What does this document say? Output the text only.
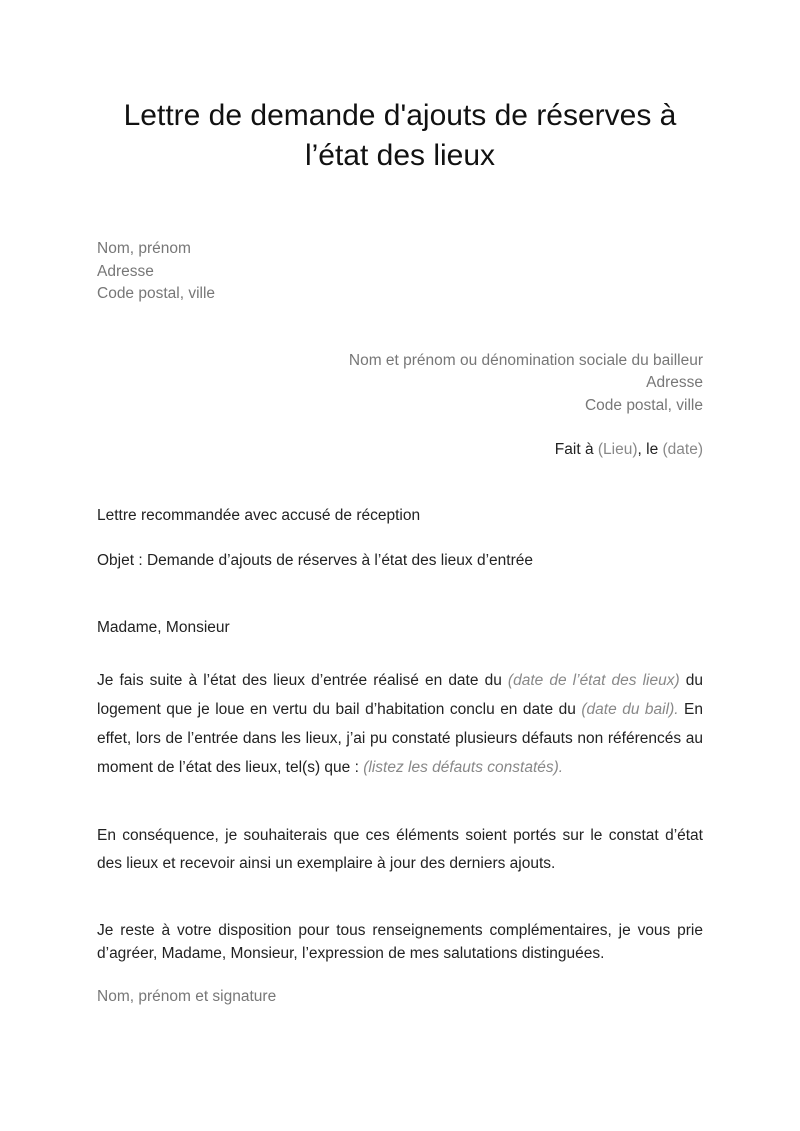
Lettre de demande d'ajouts de réserves à
l’état des lieux
Nom, prénom
Adresse
Code postal, ville
Nom et prénom ou dénomination sociale du bailleur
Adresse
Code postal, ville
Fait à (Lieu), le (date)
Lettre recommandée avec accusé de réception
Objet : Demande d’ajouts de réserves à l’état des lieux d’entrée
Madame, Monsieur

Je fais suite à l’état des lieux d’entrée réalisé en date du (date de l’état des lieux) du logement que je loue en vertu du bail d’habitation conclu en date du (date du bail). En effet, lors de l’entrée dans les lieux, j’ai pu constaté plusieurs défauts non référencés au moment de l’état des lieux, tel(s) que : (listez les défauts constatés).

En conséquence, je souhaiterais que ces éléments soient portés sur le constat d’état des lieux et recevoir ainsi un exemplaire à jour des derniers ajouts.

Je reste à votre disposition pour tous renseignements complémentaires, je vous prie d’agréer, Madame, Monsieur, l’expression de mes salutations distinguées.

Nom, prénom et signature
